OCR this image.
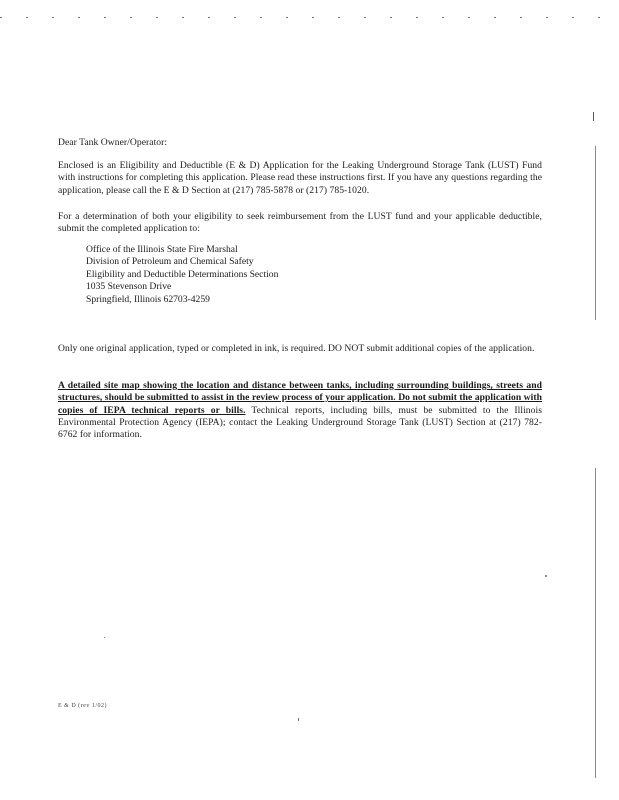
Dear Tank Owner/Operator:
Enclosed is an Eligibility and Deductible (E & D) Application for the Leaking Underground Storage Tank (LUST) Fund with instructions for completing this application. Please read these instructions first. If you have any questions regarding the application, please call the E & D Section at (217) 785-5878 or (217) 785-1020.
For a determination of both your eligibility to seek reimbursement from the LUST fund and your applicable deductible, submit the completed application to:
Office of the Illinois State Fire Marshal
Division of Petroleum and Chemical Safety
Eligibility and Deductible Determinations Section
1035 Stevenson Drive
Springfield, Illinois 62703-4259
Only one original application, typed or completed in ink, is required. DO NOT submit additional copies of the application.
A detailed site map showing the location and distance between tanks, including surrounding buildings, streets and structures, should be submitted to assist in the review process of your application. Do not submit the application with copies of IEPA technical reports or bills. Technical reports, including bills, must be submitted to the Illinois Environmental Protection Agency (IEPA); contact the Leaking Underground Storage Tank (LUST) Section at (217) 782-6762 for information.
E & D (rev 1/02)
